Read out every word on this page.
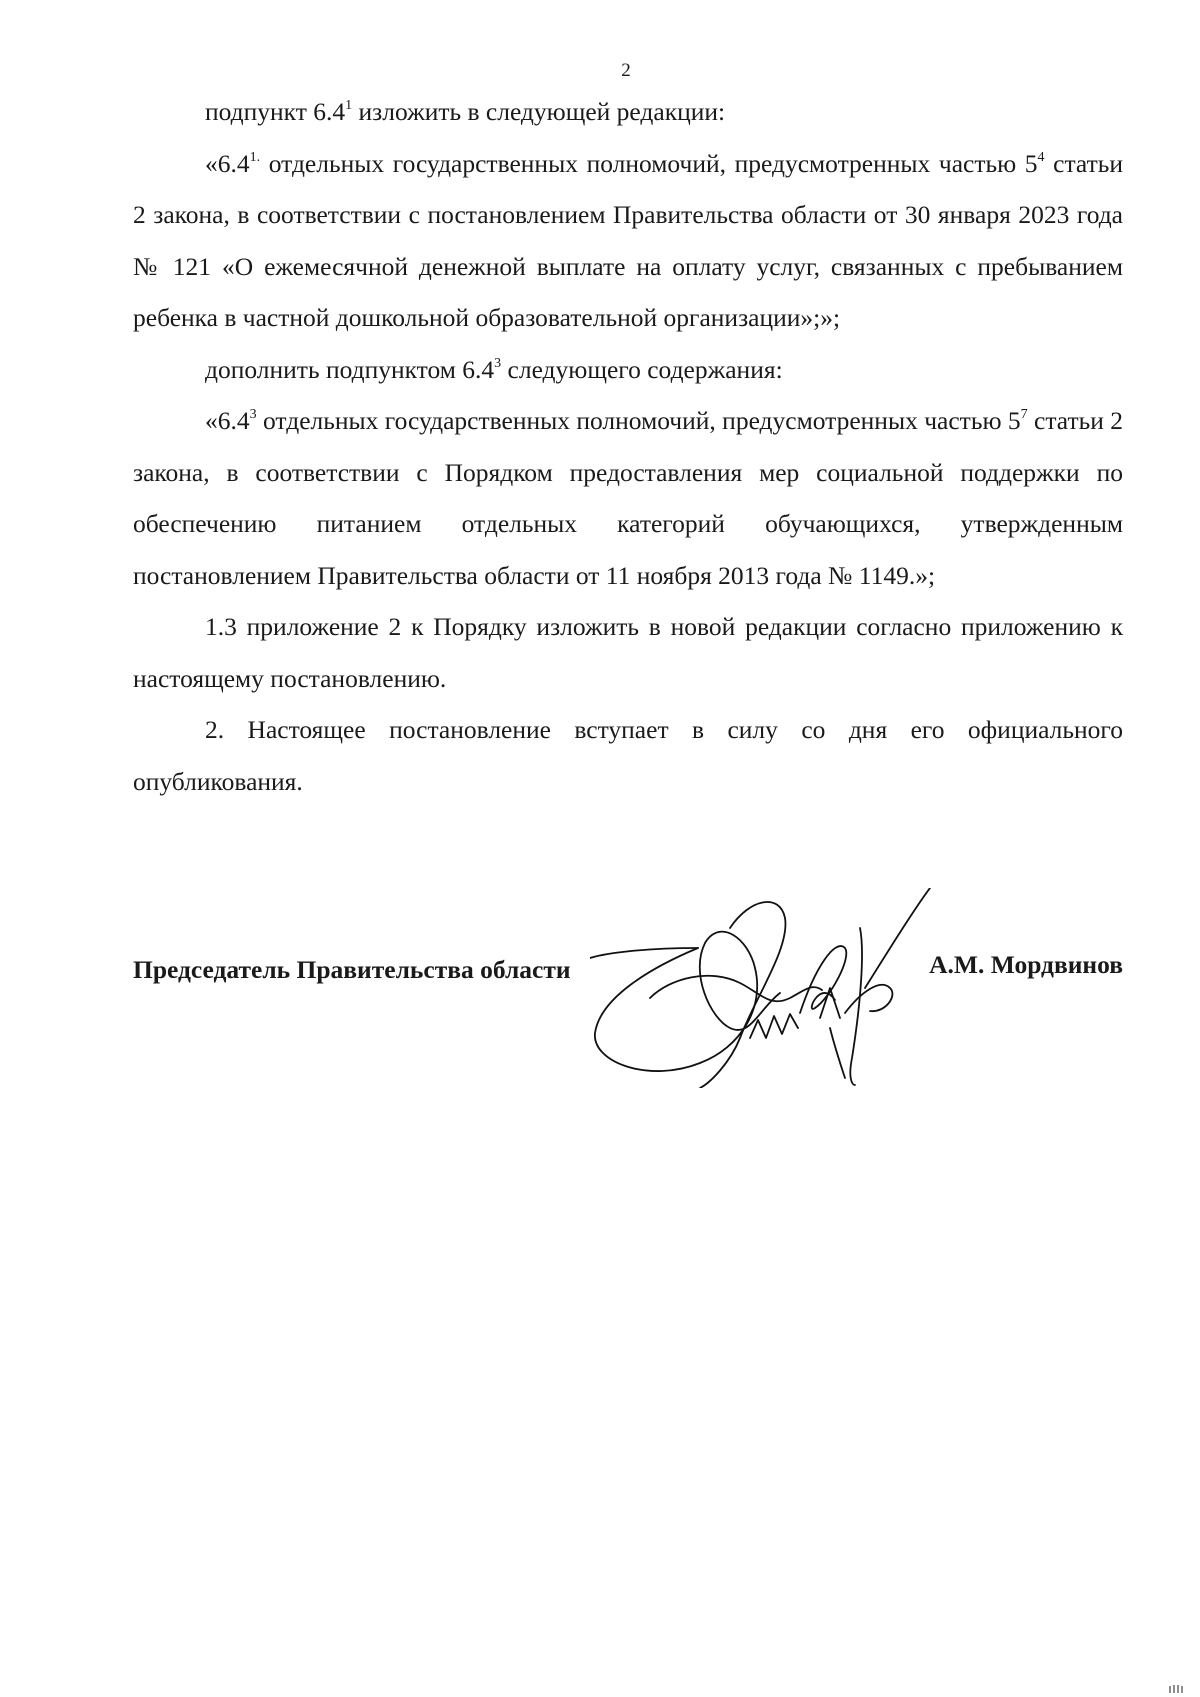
2

подпункт $6.4^1$ изложить в следующей редакции:

«$6.4^{1.}$ отдельных государственных полномочий, предусмотренных частью $5^4$ статьи 2 закона, в соответствии с постановлением Правительства области от 30 января 2023 года № 121 «О ежемесячной денежной выплате на оплату услуг, связанных с пребыванием ребенка в частной дошкольной образовательной организации»;»;

дополнить подпунктом $6.4^3$ следующего содержания:

«$6.4^3$ отдельных государственных полномочий, предусмотренных частью $5^7$ статьи 2 закона, в соответствии с Порядком предоставления мер социальной поддержки по обеспечению питанием отдельных категорий обучающихся, утвержденным постановлением Правительства области от 11 ноября 2013 года № 1149.»;

1.3 приложение 2 к Порядку изложить в новой редакции согласно приложению к настоящему постановлению.

2. Настоящее постановление вступает в силу со дня его официального опубликования.

Председатель Правительства области	А.М. Мордвинов
